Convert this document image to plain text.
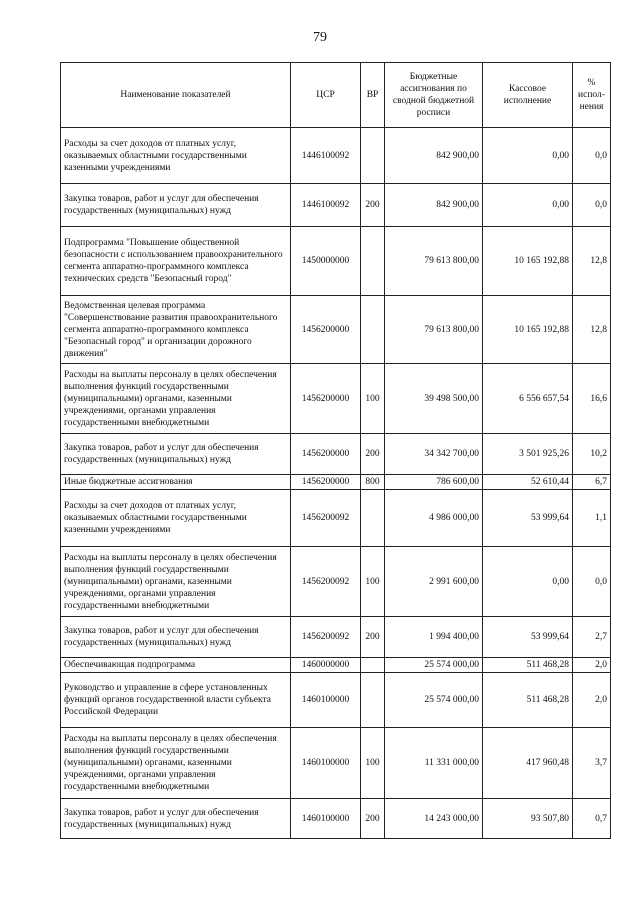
79
Наименование показателей	ЦСР	ВР	Бюджетные ассигнования по сводной бюджетной росписи	Кассовое исполнение	% испол-нения
Расходы за счет доходов от платных услуг, оказываемых областными государственными казенными учреждениями	1446100092		842 900,00	0,00	0,0
Закупка товаров, работ и услуг для обеспечения государственных (муниципальных) нужд	1446100092	200	842 900,00	0,00	0,0
Подпрограмма "Повышение общественной безопасности с использованием правоохранительного сегмента аппаратно-программного комплекса технических средств "Безопасный город"	1450000000		79 613 800,00	10 165 192,88	12,8
Ведомственная целевая программа "Совершенствование развития правоохранительного сегмента аппаратно-программного комплекса "Безопасный город" и организации дорожного движения"	1456200000		79 613 800,00	10 165 192,88	12,8
Расходы на выплаты персоналу в целях обеспечения выполнения функций государственными (муниципальными) органами, казенными учреждениями, органами управления государственными внебюджетными	1456200000	100	39 498 500,00	6 556 657,54	16,6
Закупка товаров, работ и услуг для обеспечения государственных (муниципальных) нужд	1456200000	200	34 342 700,00	3 501 925,26	10,2
Иные бюджетные ассигнования	1456200000	800	786 600,00	52 610,44	6,7
Расходы за счет доходов от платных услуг, оказываемых областными государственными казенными учреждениями	1456200092		4 986 000,00	53 999,64	1,1
Расходы на выплаты персоналу в целях обеспечения выполнения функций государственными (муниципальными) органами, казенными учреждениями, органами управления государственными внебюджетными	1456200092	100	2 991 600,00	0,00	0,0
Закупка товаров, работ и услуг для обеспечения государственных (муниципальных) нужд	1456200092	200	1 994 400,00	53 999,64	2,7
Обеспечивающая подпрограмма	1460000000		25 574 000,00	511 468,28	2,0
Руководство и управление в сфере установленных функций органов государственной власти субъекта Российской Федерации	1460100000		25 574 000,00	511 468,28	2,0
Расходы на выплаты персоналу в целях обеспечения выполнения функций государственными (муниципальными) органами, казенными учреждениями, органами управления государственными внебюджетными	1460100000	100	11 331 000,00	417 960,48	3,7
Закупка товаров, работ и услуг для обеспечения государственных (муниципальных) нужд	1460100000	200	14 243 000,00	93 507,80	0,7
